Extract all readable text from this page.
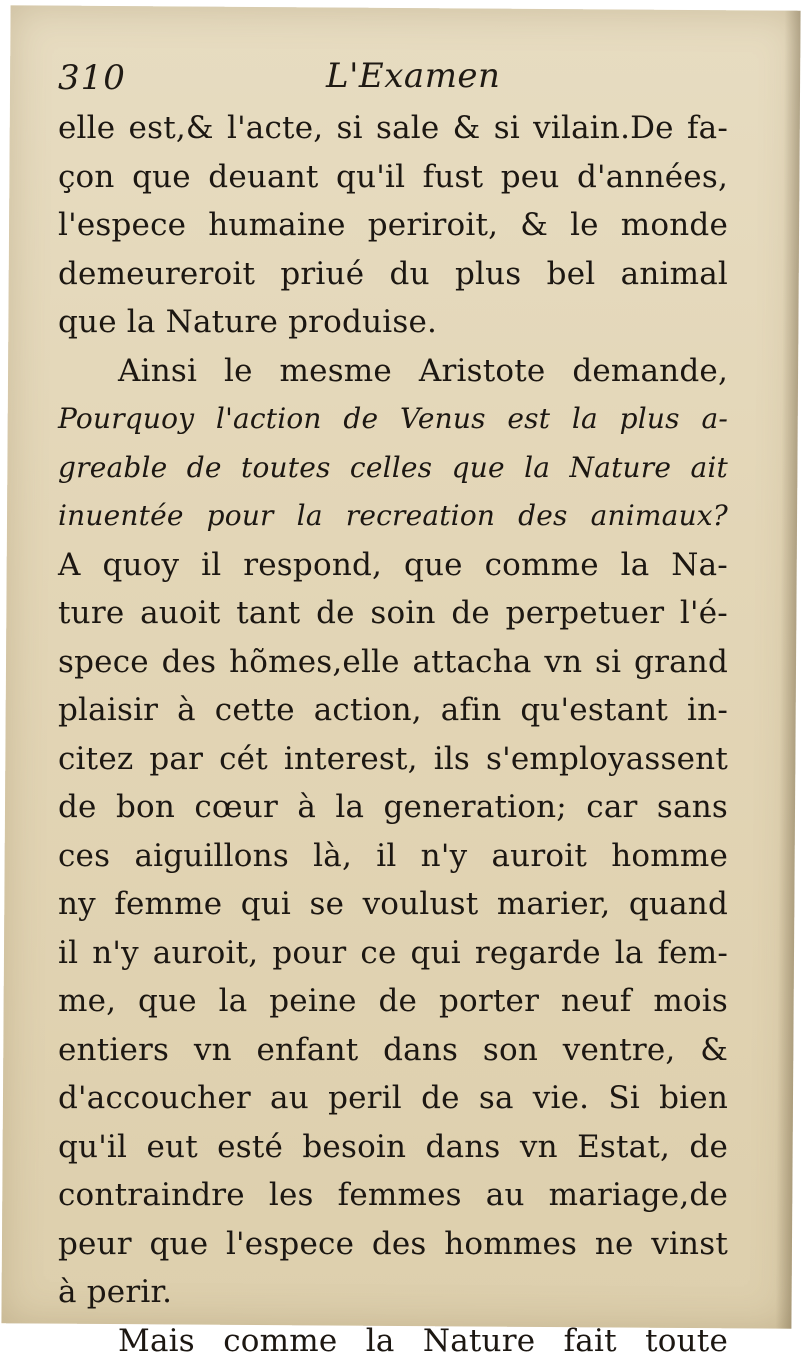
310	L'Examen
elle est,& l'acte, si sale & si vilain.De fa-
çon que deuant qu'il fust peu d'années,
l'espece humaine periroit, & le monde
demeureroit priué du plus bel animal
que la Nature produise.
Ainsi le mesme Aristote demande,
Pourquoy l'action de Venus est la plus a-
greable de toutes celles que la Nature ait
inuentée pour la recreation des animaux?
A quoy il respond, que comme la Na-
ture auoit tant de soin de perpetuer l'é-
spece des hõmes,elle attacha vn si grand
plaisir à cette action, afin qu'estant in-
citez par cét interest, ils s'employassent
de bon cœur à la generation; car sans
ces aiguillons là, il n'y auroit homme
ny femme qui se voulust marier, quand
il n'y auroit, pour ce qui regarde la fem-
me, que la peine de porter neuf mois
entiers vn enfant dans son ventre, &
d'accoucher au peril de sa vie. Si bien
qu'il eut esté besoin dans vn Estat, de
contraindre les femmes au mariage,de
peur que l'espece des hommes ne vinst
à perir.
Mais comme la Nature fait toute
